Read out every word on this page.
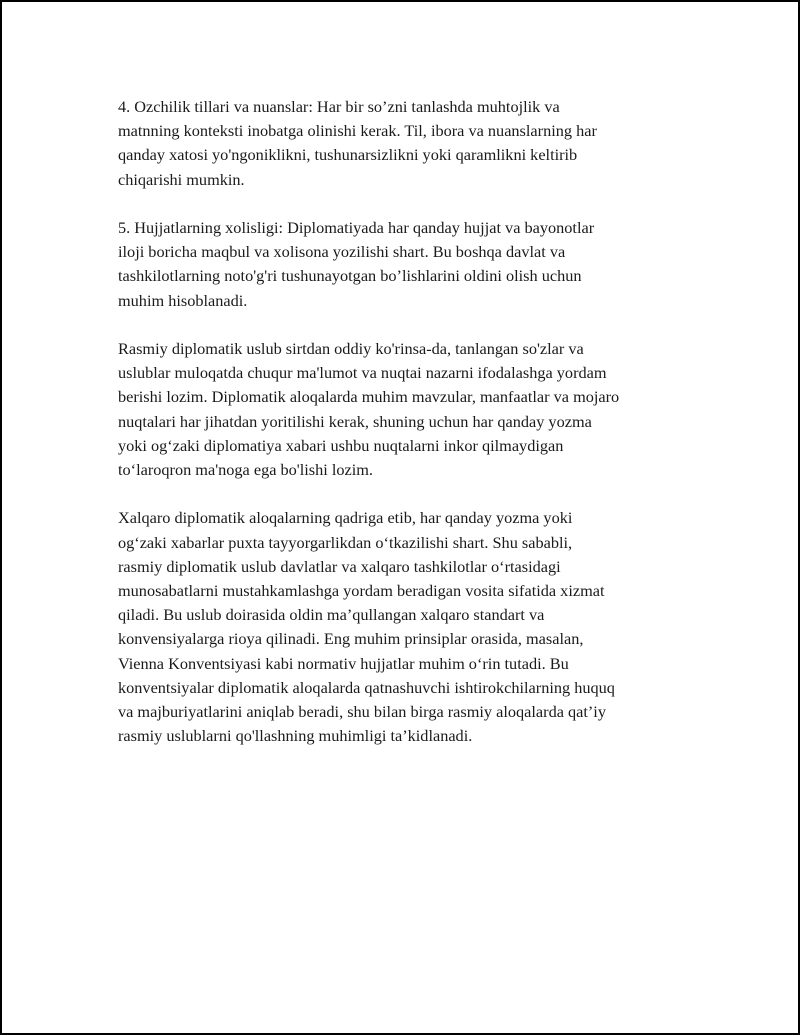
4. Ozchilik tillari va nuanslar: Har bir so’zni tanlashda muhtojlik va
matnning konteksti inobatga olinishi kerak. Til, ibora va nuanslarning har
qanday xatosi yo'ngoniklikni, tushunarsizlikni yoki qaramlikni keltirib
chiqarishi mumkin.

5. Hujjatlarning xolisligi: Diplomatiyada har qanday hujjat va bayonotlar
iloji boricha maqbul va xolisona yozilishi shart. Bu boshqa davlat va
tashkilotlarning noto'g'ri tushunayotgan bo’lishlarini oldini olish uchun
muhim hisoblanadi.

Rasmiy diplomatik uslub sirtdan oddiy ko'rinsa-da, tanlangan so'zlar va
uslublar muloqatda chuqur ma'lumot va nuqtai nazarni ifodalashga yordam
berishi lozim. Diplomatik aloqalarda muhim mavzular, manfaatlar va mojaro
nuqtalari har jihatdan yoritilishi kerak, shuning uchun har qanday yozma
yoki og‘zaki diplomatiya xabari ushbu nuqtalarni inkor qilmaydigan
to‘laroqron ma'noga ega bo'lishi lozim.

Xalqaro diplomatik aloqalarning qadriga etib, har qanday yozma yoki
og‘zaki xabarlar puxta tayyorgarlikdan o‘tkazilishi shart. Shu sababli,
rasmiy diplomatik uslub davlatlar va xalqaro tashkilotlar o‘rtasidagi
munosabatlarni mustahkamlashga yordam beradigan vosita sifatida xizmat
qiladi. Bu uslub doirasida oldin ma’qullangan xalqaro standart va
konvensiyalarga rioya qilinadi. Eng muhim prinsiplar orasida, masalan,
Vienna Konventsiyasi kabi normativ hujjatlar muhim o‘rin tutadi. Bu
konventsiyalar diplomatik aloqalarda qatnashuvchi ishtirokchilarning huquq
va majburiyatlarini aniqlab beradi, shu bilan birga rasmiy aloqalarda qat’iy
rasmiy uslublarni qo'llashning muhimligi ta’kidlanadi.
